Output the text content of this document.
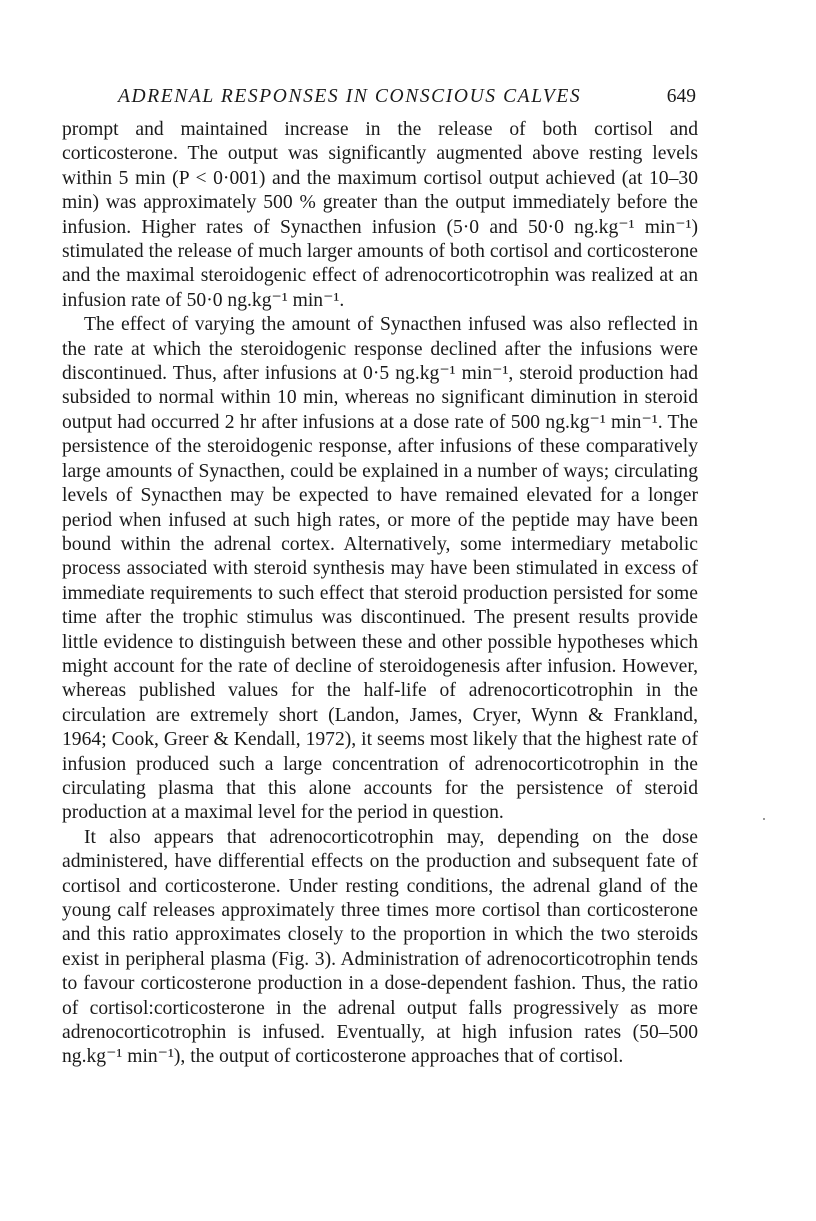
ADRENAL RESPONSES IN CONSCIOUS CALVES	649

prompt and maintained increase in the release of both cortisol and corticosterone. The output was significantly augmented above resting levels within 5 min (P < 0·001) and the maximum cortisol output achieved (at 10–30 min) was approximately 500 % greater than the output immediately before the infusion. Higher rates of Synacthen infusion (5·0 and 50·0 ng.kg⁻¹ min⁻¹) stimulated the release of much larger amounts of both cortisol and corticosterone and the maximal steroidogenic effect of adrenocorticotrophin was realized at an infusion rate of 50·0 ng.kg⁻¹ min⁻¹.

The effect of varying the amount of Synacthen infused was also reflected in the rate at which the steroidogenic response declined after the infusions were discontinued. Thus, after infusions at 0·5 ng.kg⁻¹ min⁻¹, steroid production had subsided to normal within 10 min, whereas no significant diminution in steroid output had occurred 2 hr after infusions at a dose rate of 500 ng.kg⁻¹ min⁻¹. The persistence of the steroidogenic response, after infusions of these comparatively large amounts of Synacthen, could be explained in a number of ways; circulating levels of Synacthen may be expected to have remained elevated for a longer period when infused at such high rates, or more of the peptide may have been bound within the adrenal cortex. Alternatively, some intermediary metabolic process associated with steroid synthesis may have been stimulated in excess of immediate requirements to such effect that steroid production persisted for some time after the trophic stimulus was discontinued. The present results provide little evidence to distinguish between these and other possible hypotheses which might account for the rate of decline of steroidogenesis after infusion. However, whereas published values for the half-life of adrenocorticotrophin in the circulation are extremely short (Landon, James, Cryer, Wynn & Frankland, 1964; Cook, Greer & Kendall, 1972), it seems most likely that the highest rate of infusion produced such a large concentration of adrenocorticotrophin in the circulating plasma that this alone accounts for the persistence of steroid production at a maximal level for the period in question.

It also appears that adrenocorticotrophin may, depending on the dose administered, have differential effects on the production and subsequent fate of cortisol and corticosterone. Under resting conditions, the adrenal gland of the young calf releases approximately three times more cortisol than corticosterone and this ratio approximates closely to the proportion in which the two steroids exist in peripheral plasma (Fig. 3). Administration of adrenocorticotrophin tends to favour corticosterone production in a dose-dependent fashion. Thus, the ratio of cortisol:corticosterone in the adrenal output falls progressively as more adrenocorticotrophin is infused. Eventually, at high infusion rates (50–500 ng.kg⁻¹ min⁻¹), the output of corticosterone approaches that of cortisol.
